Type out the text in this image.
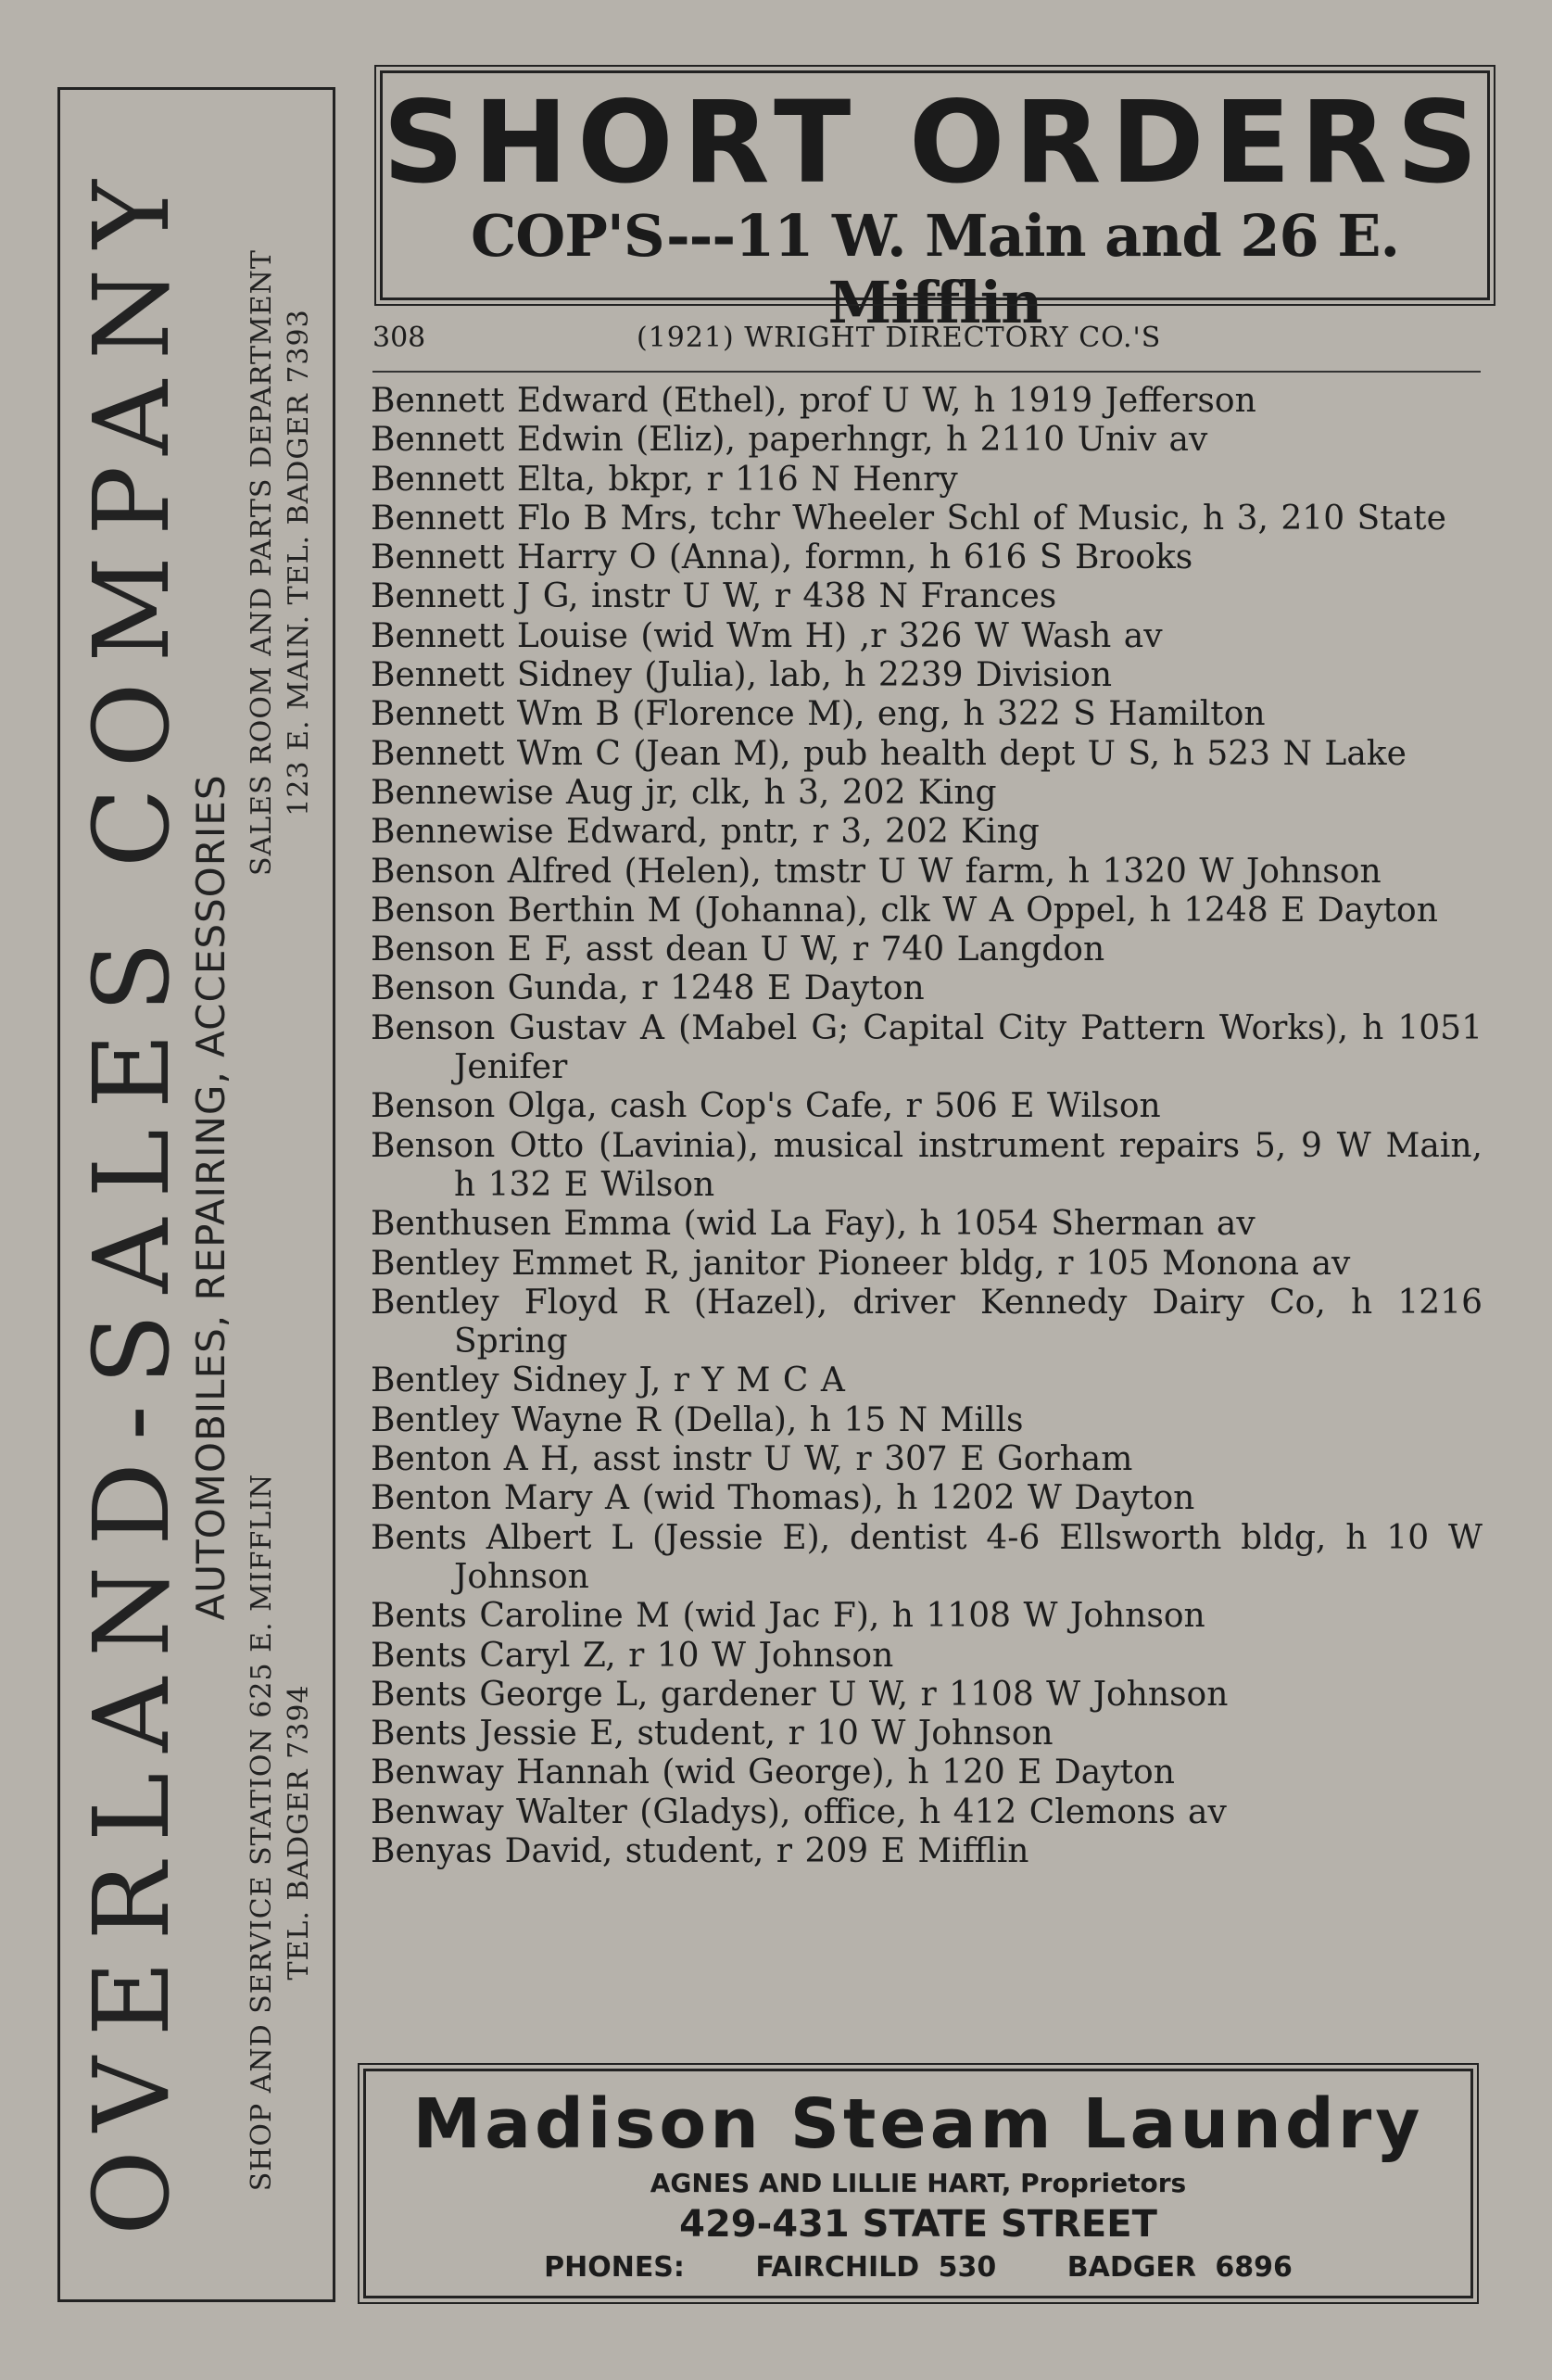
OVERLAND-SALES COMPANY
AUTOMOBILES, REPAIRING, ACCESSORIES
SHOP AND SERVICE STATION 625 E. MIFFLIN TEL. BADGER 7394
SALES ROOM AND PARTS DEPARTMENT 123 E. MAIN. TEL. BADGER 7393
SHORT ORDERS
COP'S---11 W. Main and 26 E. Mifflin
308	(1921) WRIGHT DIRECTORY CO.'S
Bennett Edward (Ethel), prof U W, h 1919 Jefferson
Bennett Edwin (Eliz), paperhngr, h 2110 Univ av
Bennett Elta, bkpr, r 116 N Henry
Bennett Flo B Mrs, tchr Wheeler Schl of Music, h 3, 210 State
Bennett Harry O (Anna), formn, h 616 S Brooks
Bennett J G, instr U W, r 438 N Frances
Bennett Louise (wid Wm H) ,r 326 W Wash av
Bennett Sidney (Julia), lab, h 2239 Division
Bennett Wm B (Florence M), eng, h 322 S Hamilton
Bennett Wm C (Jean M), pub health dept U S, h 523 N Lake
Bennewise Aug jr, clk, h 3, 202 King
Bennewise Edward, pntr, r 3, 202 King
Benson Alfred (Helen), tmstr U W farm, h 1320 W Johnson
Benson Berthin M (Johanna), clk W A Oppel, h 1248 E Dayton
Benson E F, asst dean U W, r 740 Langdon
Benson Gunda, r 1248 E Dayton
Benson Gustav A (Mabel G; Capital City Pattern Works), h 1051 Jenifer
Benson Olga, cash Cop's Cafe, r 506 E Wilson
Benson Otto (Lavinia), musical instrument repairs 5, 9 W Main, h 132 E Wilson
Benthusen Emma (wid La Fay), h 1054 Sherman av
Bentley Emmet R, janitor Pioneer bldg, r 105 Monona av
Bentley Floyd R (Hazel), driver Kennedy Dairy Co, h 1216 Spring
Bentley Sidney J, r Y M C A
Bentley Wayne R (Della), h 15 N Mills
Benton A H, asst instr U W, r 307 E Gorham
Benton Mary A (wid Thomas), h 1202 W Dayton
Bents Albert L (Jessie E), dentist 4-6 Ellsworth bldg, h 10 W Johnson
Bents Caroline M (wid Jac F), h 1108 W Johnson
Bents Caryl Z, r 10 W Johnson
Bents George L, gardener U W, r 1108 W Johnson
Bents Jessie E, student, r 10 W Johnson
Benway Hannah (wid George), h 120 E Dayton
Benway Walter (Gladys), office, h 412 Clemons av
Benyas David, student, r 209 E Mifflin
Madison Steam Laundry
AGNES AND LILLIE HART, Proprietors
429-431 STATE STREET
PHONES:	FAIRCHILD 530	BADGER 6896
